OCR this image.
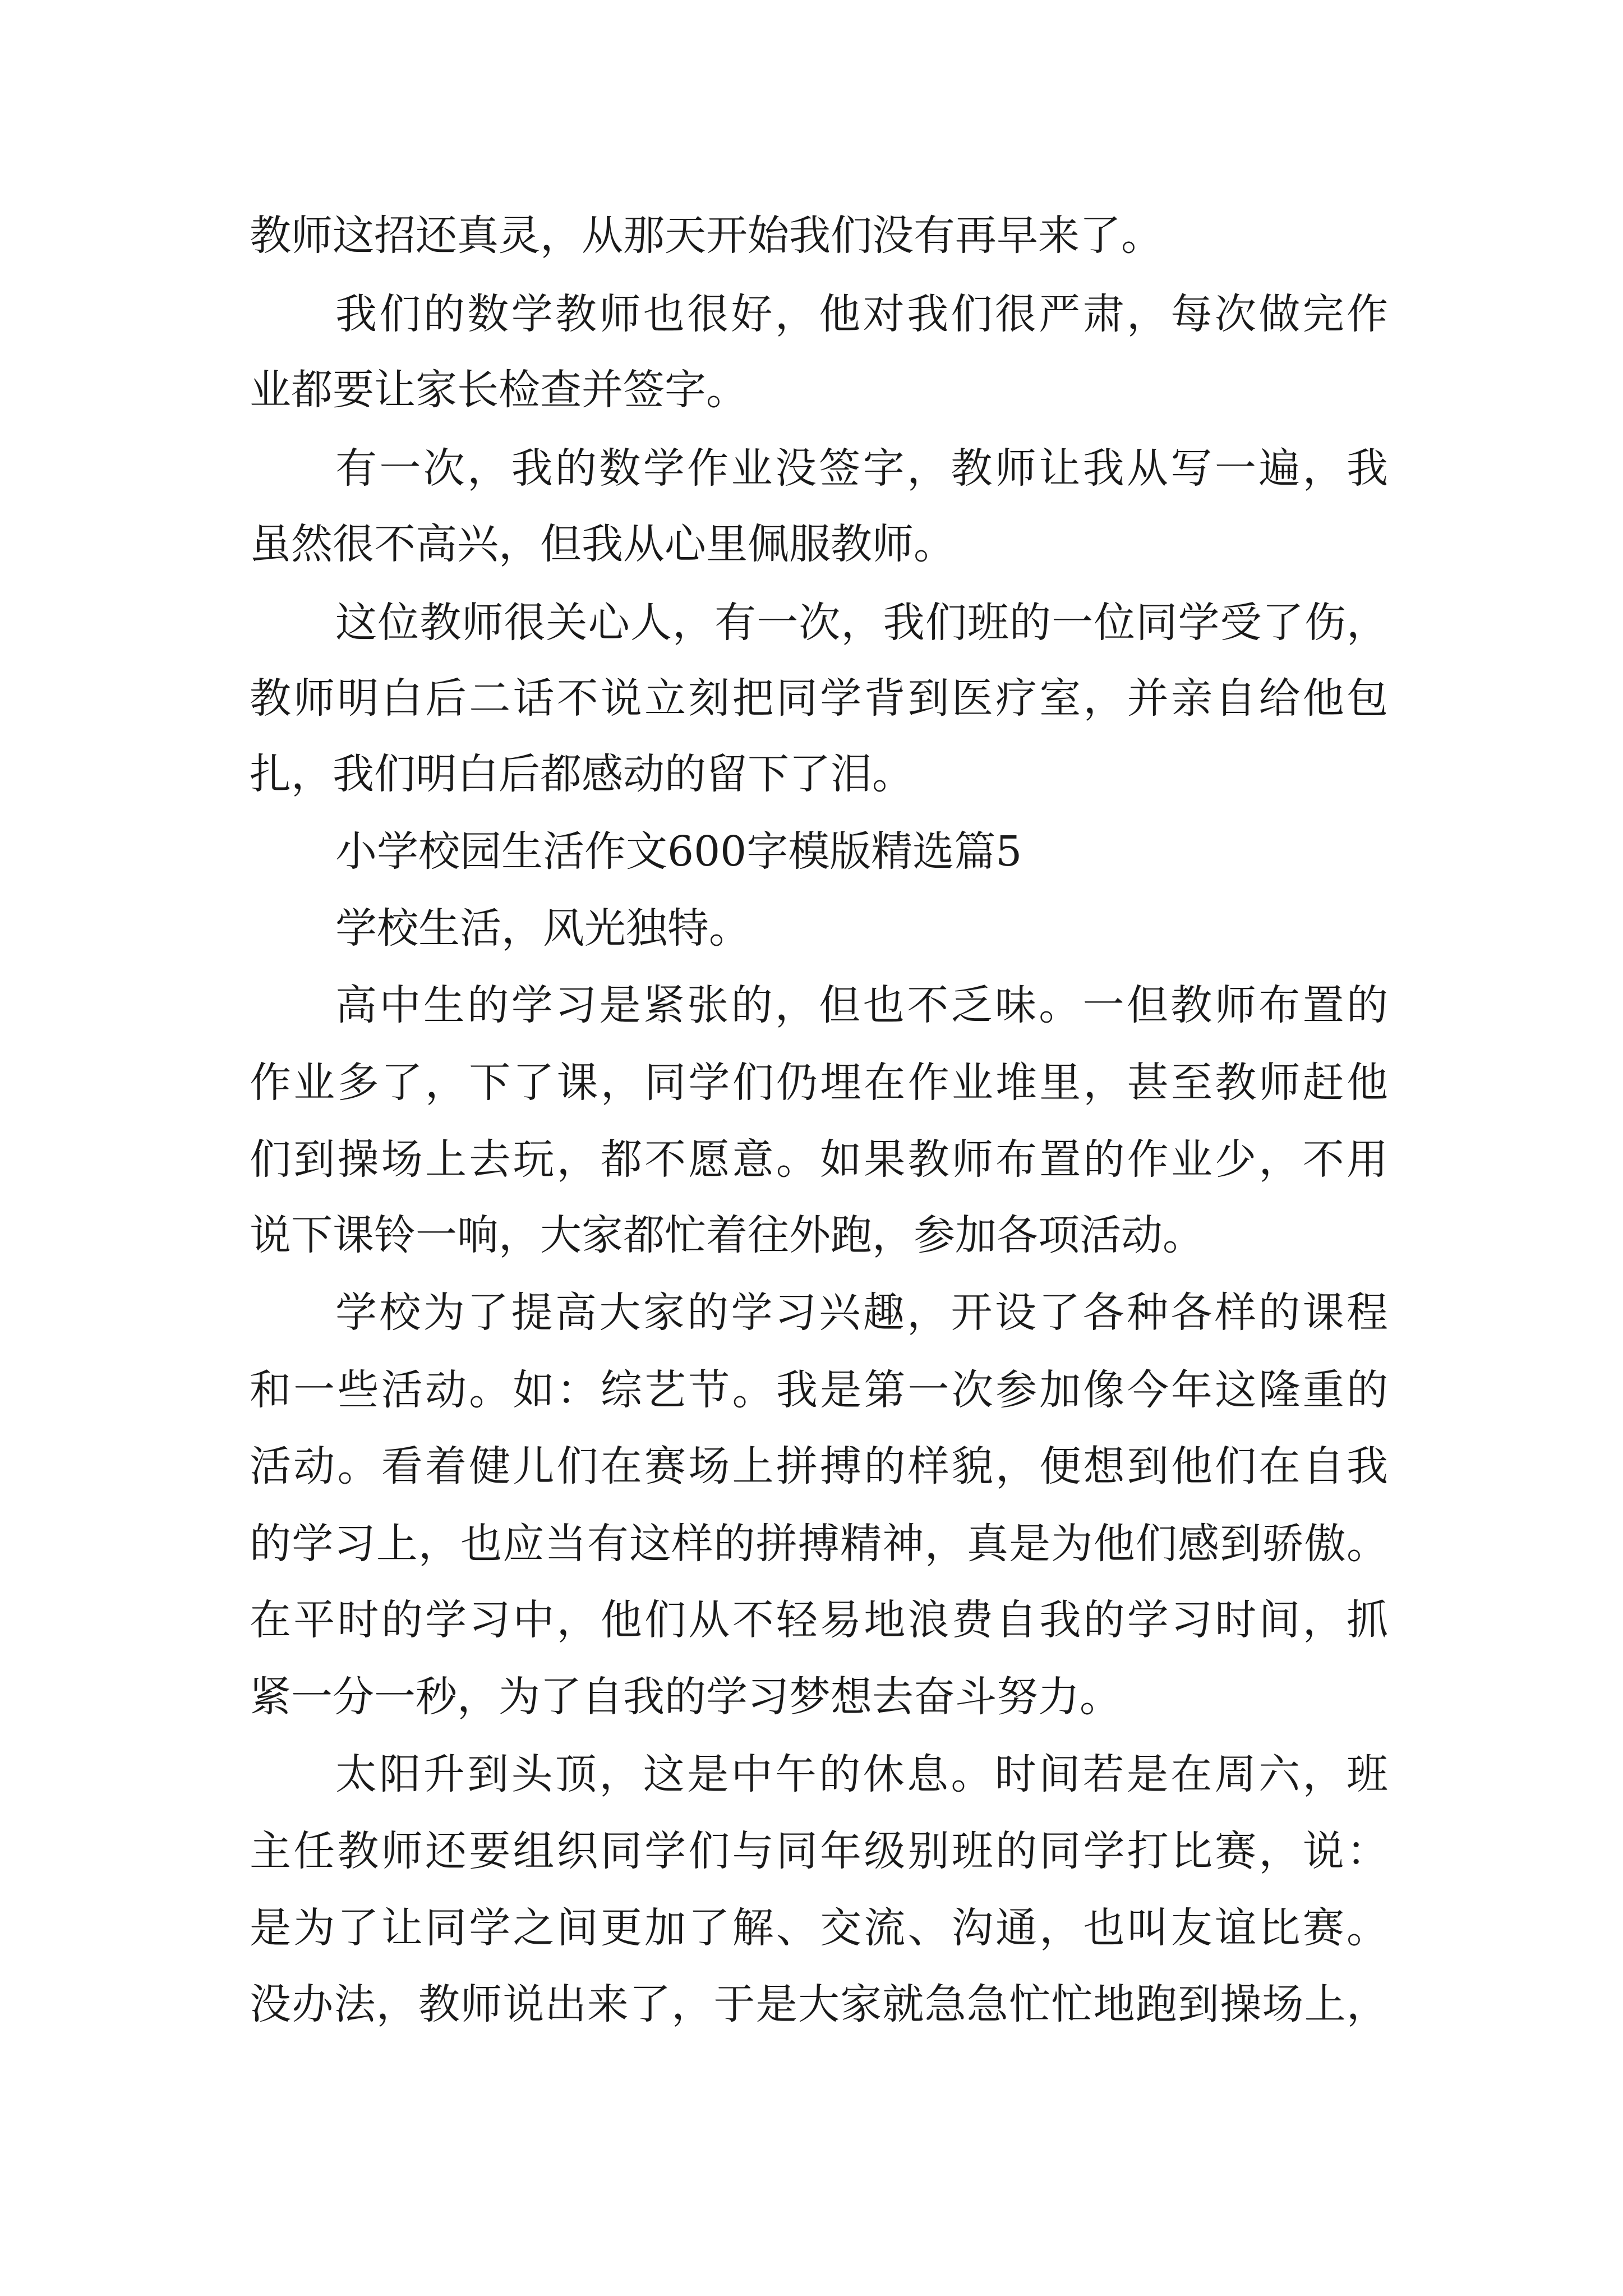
教师这招还真灵，从那天开始我们没有再早来了。
我们的数学教师也很好，他对我们很严肃，每次做完作
业都要让家长检查并签字。
有一次，我的数学作业没签字，教师让我从写一遍，我
虽然很不高兴，但我从心里佩服教师。
这位教师很关心人，有一次，我们班的一位同学受了伤，
教师明白后二话不说立刻把同学背到医疗室，并亲自给他包
扎，我们明白后都感动的留下了泪。
小学校园生活作文600字模版精选篇5
学校生活，风光独特。
高中生的学习是紧张的，但也不乏味。一但教师布置的
作业多了，下了课，同学们仍埋在作业堆里，甚至教师赶他
们到操场上去玩，都不愿意。如果教师布置的作业少，不用
说下课铃一响，大家都忙着往外跑，参加各项活动。
学校为了提高大家的学习兴趣，开设了各种各样的课程
和一些活动。如：综艺节。我是第一次参加像今年这隆重的
活动。看着健儿们在赛场上拼搏的样貌，便想到他们在自我
的学习上，也应当有这样的拼搏精神，真是为他们感到骄傲。
在平时的学习中，他们从不轻易地浪费自我的学习时间，抓
紧一分一秒，为了自我的学习梦想去奋斗努力。
太阳升到头顶，这是中午的休息。时间若是在周六，班
主任教师还要组织同学们与同年级别班的同学打比赛，说：
是为了让同学之间更加了解、交流、沟通，也叫友谊比赛。
没办法，教师说出来了，于是大家就急急忙忙地跑到操场上，
